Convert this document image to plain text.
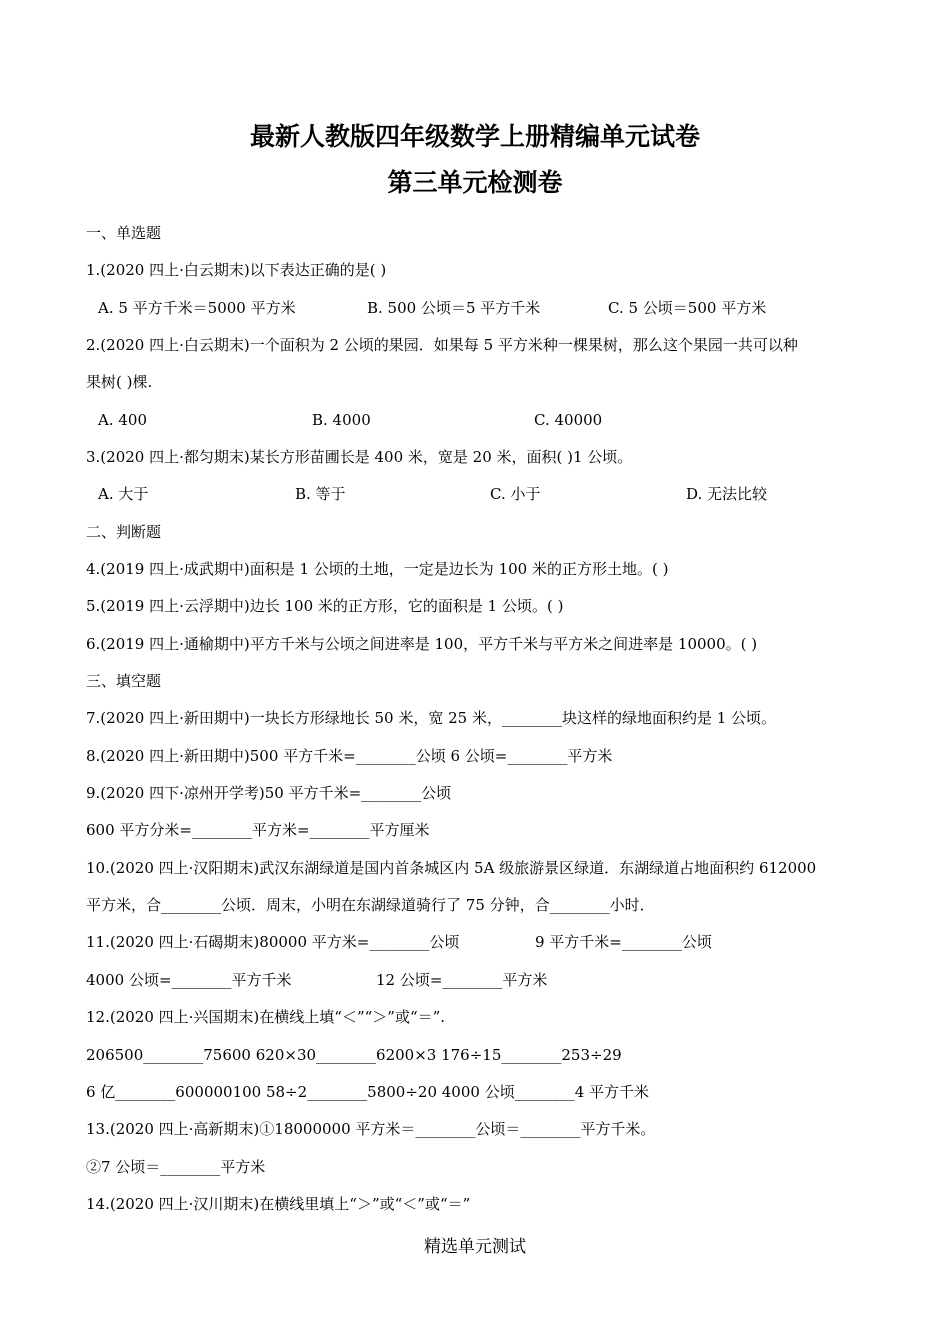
最新人教版四年级数学上册精编单元试卷
第三单元检测卷
一、单选题
1.(2020 四上·白云期末)以下表达正确的是( )
A. 5 平方千米＝5000 平方米	B. 500 公顷＝5 平方千米	C. 5 公顷＝500 平方米
2.(2020 四上·白云期末)一个面积为 2 公顷的果园．如果每 5 平方米种一棵果树，那么这个果园一共可以种
果树( )棵.
A. 400	B. 4000	C. 40000
3.(2020 四上·都匀期末)某长方形苗圃长是 400 米，宽是 20 米，面积( )1 公顷。
A. 大于	B. 等于	C. 小于	D. 无法比较
二、判断题
4.(2019 四上·成武期中)面积是 1 公顷的土地，一定是边长为 100 米的正方形土地。( )
5.(2019 四上·云浮期中)边长 100 米的正方形，它的面积是 1 公顷。( )
6.(2019 四上·通榆期中)平方千米与公顷之间进率是 100，平方千米与平方米之间进率是 10000。( )
三、填空题
7.(2020 四上·新田期中)一块长方形绿地长 50 米，宽 25 米，________块这样的绿地面积约是 1 公顷。
8.(2020 四上·新田期中)500 平方千米=________公顷 6 公顷=________平方米
9.(2020 四下·凉州开学考)50 平方千米=________公顷
600 平方分米=________平方米=________平方厘米
10.(2020 四上·汉阳期末)武汉东湖绿道是国内首条城区内 5A 级旅游景区绿道．东湖绿道占地面积约 612000
平方米，合________公顷．周末，小明在东湖绿道骑行了 75 分钟，合________小时．
11.(2020 四上·石碣期末)80000 平方米=________公顷	9 平方千米=________公顷
4000 公顷=________平方千米	12 公顷=________平方米
12.(2020 四上·兴国期末)在横线上填“＜”“＞”或“＝”.
206500________75600 620×30________6200×3 176÷15________253÷29
6 亿________600000100 58÷2________5800÷20 4000 公顷________4 平方千米
13.(2020 四上·高新期末)①18000000 平方米＝________公顷＝________平方千米。
②7 公顷＝________平方米
14.(2020 四上·汉川期末)在横线里填上“＞”或“＜”或“＝”
精选单元测试
